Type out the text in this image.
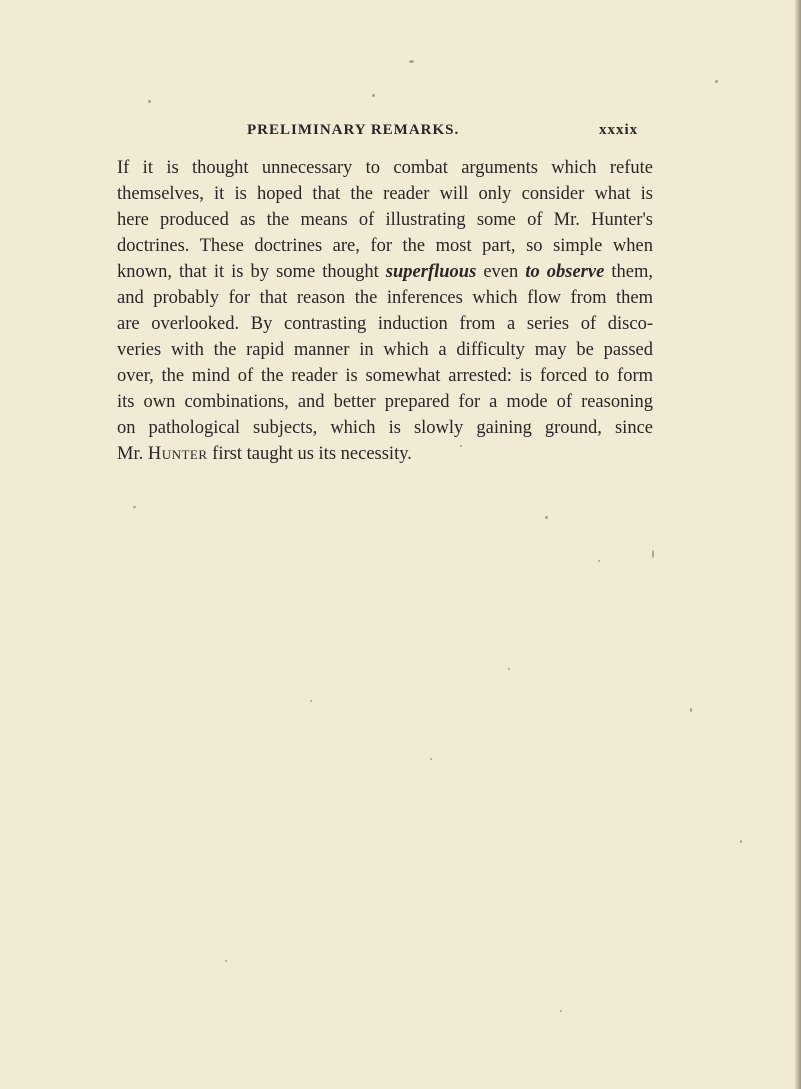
PRELIMINARY REMARKS.	xxxix
If it is thought unnecessary to combat arguments which refute
themselves, it is hoped that the reader will only consider what is
here produced as the means of illustrating some of Mr. Hunter's
doctrines. These doctrines are, for the most part, so simple when
known, that it is by some thought superfluous even to observe them,
and probably for that reason the inferences which flow from them
are overlooked. By contrasting induction from a series of disco-
veries with the rapid manner in which a difficulty may be passed
over, the mind of the reader is somewhat arrested: is forced to form
its own combinations, and better prepared for a mode of reasoning
on pathological subjects, which is slowly gaining ground, since
Mr. Hunter first taught us its necessity.
